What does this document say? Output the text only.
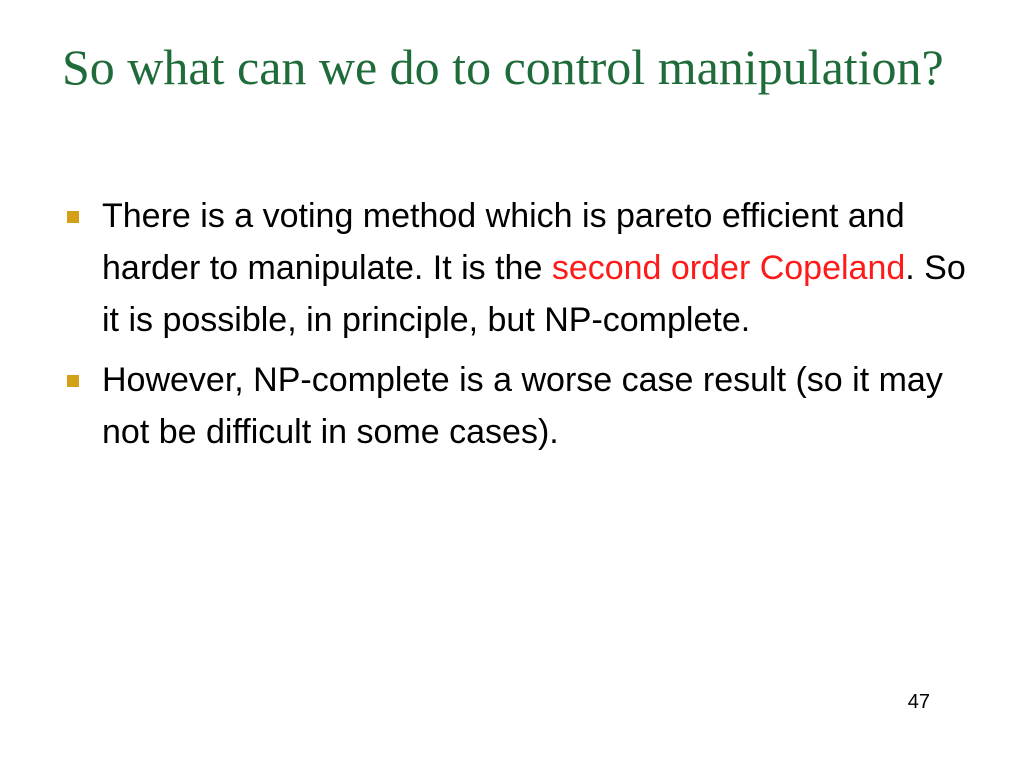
So what can we do to control manipulation?
There is a voting method which is pareto efficient and harder to manipulate. It is the second order Copeland. So it is possible, in principle, but NP-complete.
However, NP-complete is a worse case result (so it may not be difficult in some cases).
47
